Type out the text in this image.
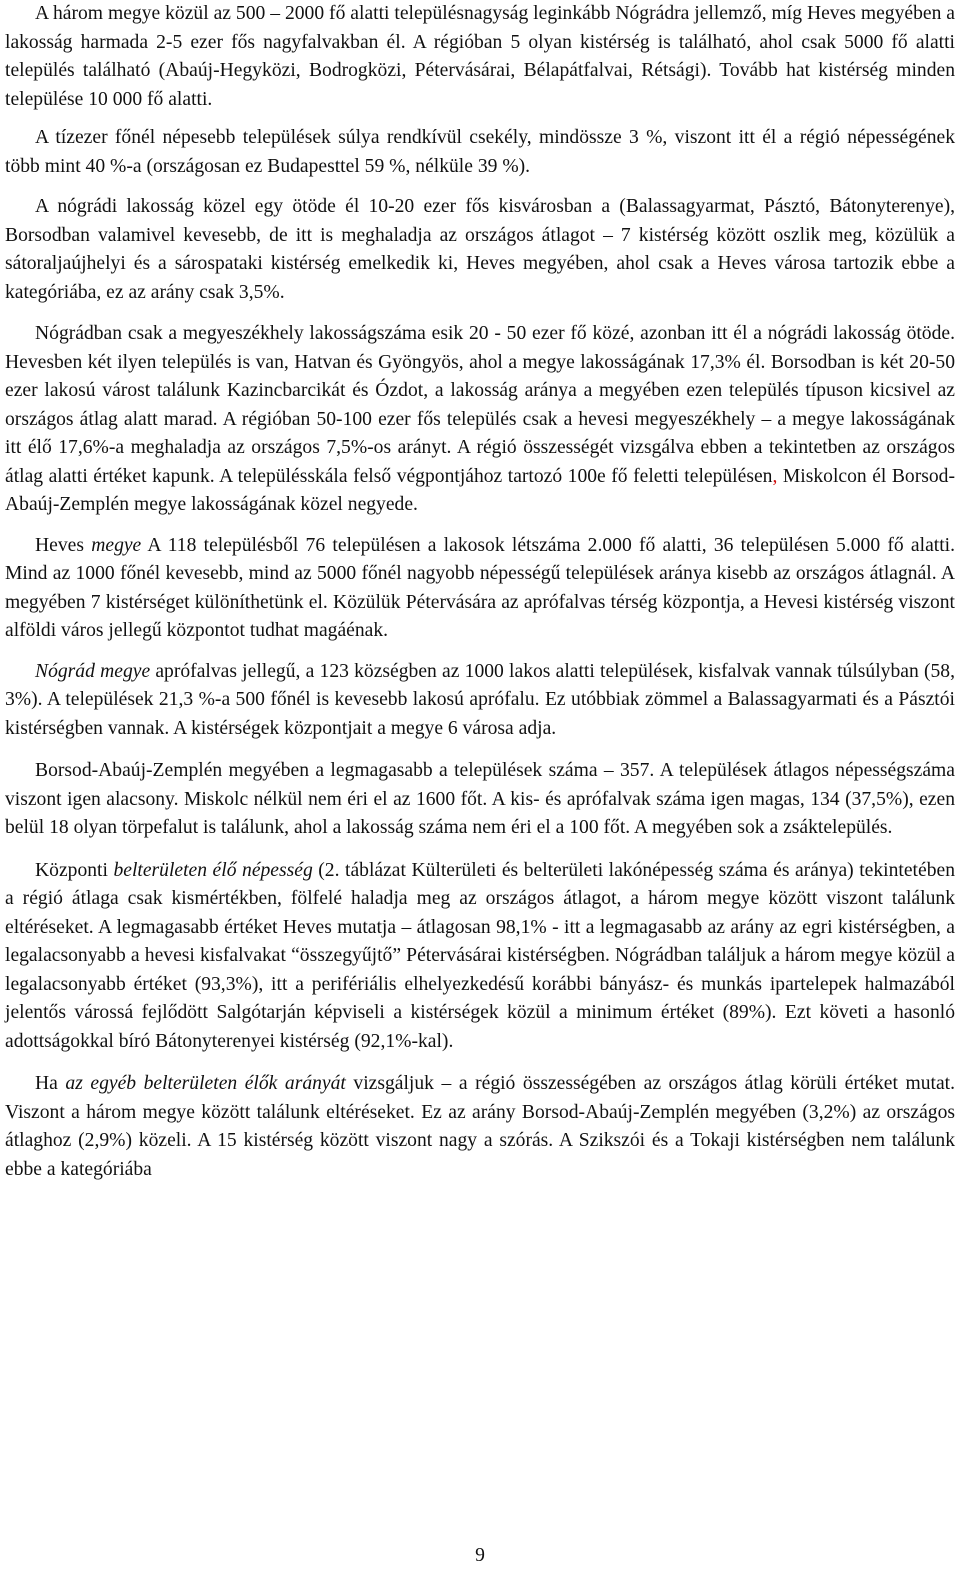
A három megye közül az 500 – 2000 fő alatti településnagyság leginkább Nógrádra jellemző, míg Heves megyében a lakosság harmada 2-5 ezer fős nagyfalvakban él. A régióban 5 olyan kistérség is található, ahol csak 5000 fő alatti település található (Abaúj-Hegyközi, Bodrogközi, Pétervásárai, Bélapátfalvai, Rétsági). Tovább hat kistérség minden települése 10 000 fő alatti.

A tízezer főnél népesebb települések súlya rendkívül csekély, mindössze 3 %, viszont itt él a régió népességének több mint 40 %-a (országosan ez Budapesttel 59 %, nélküle 39 %).

A nógrádi lakosság közel egy ötöde él 10-20 ezer fős kisvárosban a (Balassagyarmat, Pásztó, Bátonyterenye), Borsodban valamivel kevesebb, de itt is meghaladja az országos átlagot – 7 kistérség között oszlik meg, közülük a sátoraljaújhelyi és a sárospataki kistérség emelkedik ki, Heves megyében, ahol csak a Heves városa tartozik ebbe a kategóriába, ez az arány csak 3,5%.

Nógrádban csak a megyeszékhely lakosságszáma esik 20 - 50 ezer fő közé, azonban itt él a nógrádi lakosság ötöde. Hevesben két ilyen település is van, Hatvan és Gyöngyös, ahol a megye lakosságának 17,3% él. Borsodban is két 20-50 ezer lakosú várost találunk Kazincbarcikát és Ózdot, a lakosság aránya a megyében ezen település típuson kicsivel az országos átlag alatt marad. A régióban 50-100 ezer fős település csak a hevesi megyeszékhely – a megye lakosságának itt élő 17,6%-a meghaladja az országos 7,5%-os arányt. A régió összességét vizsgálva ebben a tekintetben az országos átlag alatti értéket kapunk. A településskála felső végpontjához tartozó 100e fő feletti településen, Miskolcon él Borsod-Abaúj-Zemplén megye lakosságának közel negyede.

Heves megye A 118 településből 76 településen a lakosok létszáma 2.000 fő alatti, 36 településen 5.000 fő alatti. Mind az 1000 főnél kevesebb, mind az 5000 főnél nagyobb népességű települések aránya kisebb az országos átlagnál. A megyében 7 kistérséget különíthetünk el. Közülük Pétervására az aprófalvas térség központja, a Hevesi kistérség viszont alföldi város jellegű központot tudhat magáénak.

Nógrád megye aprófalvas jellegű, a 123 községben az 1000 lakos alatti települések, kisfalvak vannak túlsúlyban (58, 3%). A települések 21,3 %-a 500 főnél is kevesebb lakosú aprófalu. Ez utóbbiak zömmel a Balassagyarmati és a Pásztói kistérségben vannak. A kistérségek központjait a megye 6 városa adja.

Borsod-Abaúj-Zemplén megyében a legmagasabb a települések száma – 357. A települések átlagos népességszáma viszont igen alacsony. Miskolc nélkül nem éri el az 1600 főt. A kis- és aprófalvak száma igen magas, 134 (37,5%), ezen belül 18 olyan törpefalut is találunk, ahol a lakosság száma nem éri el a 100 főt. A megyében sok a zsáktelepülés.

Központi belterületen élő népesség (2. táblázat Külterületi és belterületi lakónépesség száma és aránya) tekintetében a régió átlaga csak kismértékben, fölfelé haladja meg az országos átlagot, a három megye között viszont találunk eltéréseket. A legmagasabb értéket Heves mutatja – átlagosan 98,1% - itt a legmagasabb az arány az egri kistérségben, a legalacsonyabb a hevesi kisfalvakat “összegyűjtő” Pétervásárai kistérségben. Nógrádban találjuk a három megye közül a legalacsonyabb értéket (93,3%), itt a perifériális elhelyezkedésű korábbi bányász- és munkás ipartelepek halmazából jelentős várossá fejlődött Salgótarján képviseli a kistérségek közül a minimum értéket (89%). Ezt követi a hasonló adottságokkal bíró Bátonyterenyei kistérség (92,1%-kal).

Ha az egyéb belterületen élők arányát vizsgáljuk – a régió összességében az országos átlag körüli értéket mutat. Viszont a három megye között találunk eltéréseket. Ez az arány Borsod-Abaúj-Zemplén megyében (3,2%) az országos átlaghoz (2,9%) közeli. A 15 kistérség között viszont nagy a szórás. A Szikszói és a Tokaji kistérségben nem találunk ebbe a kategóriába

9
